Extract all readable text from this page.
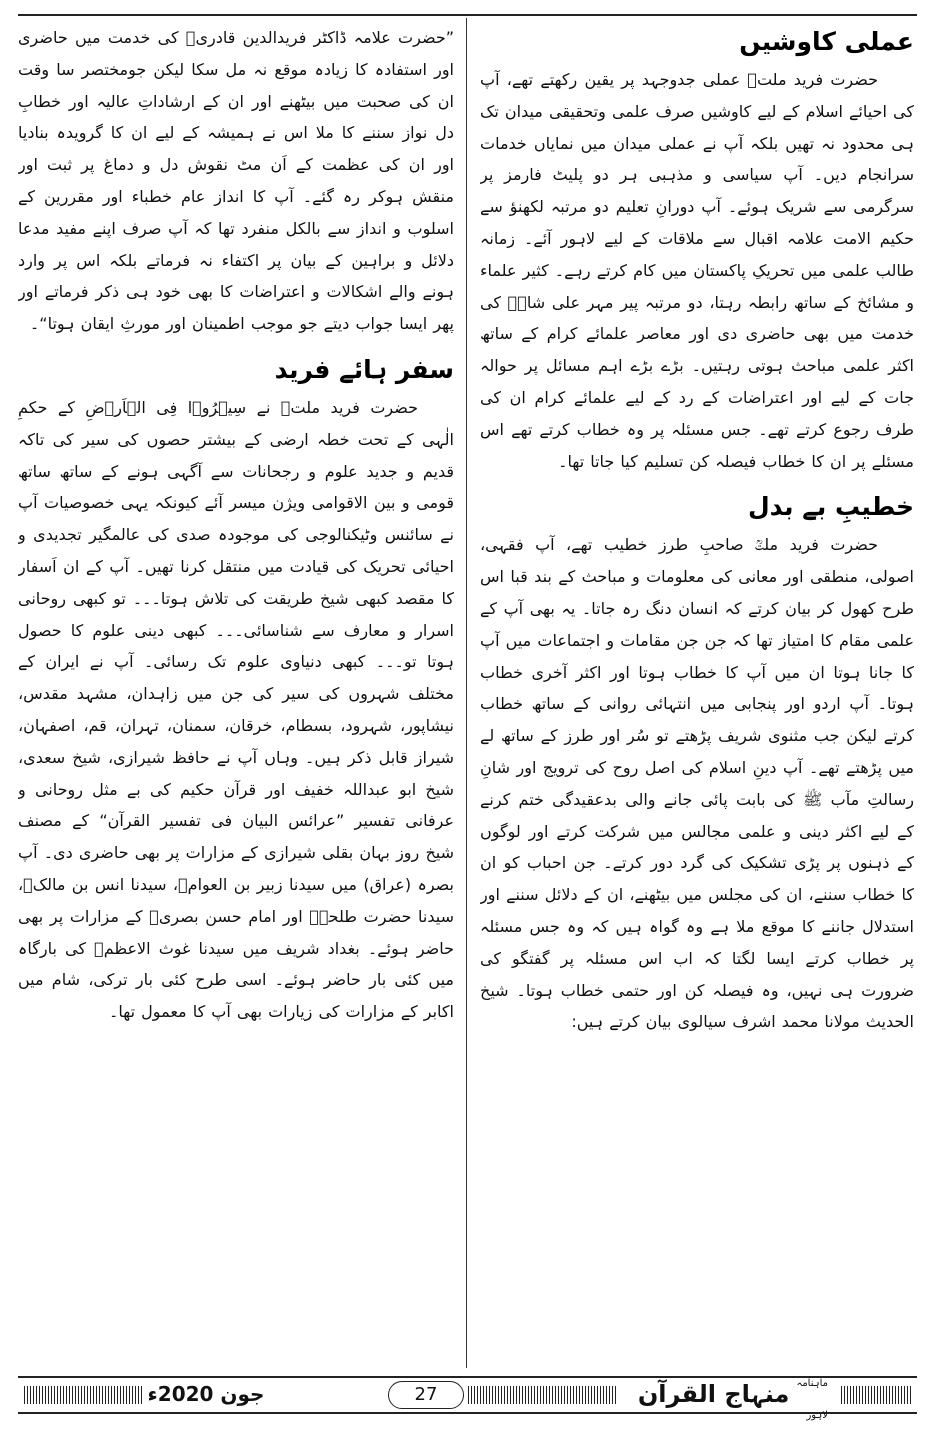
عملی کاوشیں

حضرت فرید ملتؒ عملی جدوجہد پر یقین رکھتے تھے، آپ کی احیائے اسلام کے لیے کاوشیں صرف علمی وتحقیقی میدان تک ہی محدود نہ تھیں بلکہ آپ نے عملی میدان میں نمایاں خدمات سرانجام دیں۔ آپ سیاسی و مذہبی ہر دو پلیٹ فارمز پر سرگرمی سے شریک ہوئے۔ آپ دورانِ تعلیم دو مرتبہ لکھنؤ سے حکیم الامت علامہ اقبال سے ملاقات کے لیے لاہور آئے۔ زمانہ طالب علمی میں تحریکِ پاکستان میں کام کرتے رہے۔ کثیر علماء و مشائخ کے ساتھ رابطہ رہتا، دو مرتبہ پیر مہر علی شاہؒ کی خدمت میں بھی حاضری دی اور معاصر علمائے کرام کے ساتھ اکثر علمی مباحث ہوتی رہتیں۔ بڑے بڑے اہم مسائل پر حوالہ جات کے لیے اور اعتراضات کے رد کے لیے علمائے کرام ان کی طرف رجوع کرتے تھے۔ جس مسئلہ پر وہ خطاب کرتے تھے اس مسئلے پر ان کا خطاب فیصلہ کن تسلیم کیا جاتا تھا۔

خطیبِ بے بدل

حضرت فرید ملتؒ صاحبِ طرز خطیب تھے، آپ فقہی، اصولی، منطقی اور معانی کی معلومات و مباحث کے بند قبا اس طرح کھول کر بیان کرتے کہ انسان دنگ رہ جاتا۔ یہ بھی آپ کے علمی مقام کا امتیاز تھا کہ جن جن مقامات و اجتماعات میں آپ کا جانا ہوتا ان میں آپ کا خطاب ہوتا اور اکثر آخری خطاب ہوتا۔ آپ اردو اور پنجابی میں انتہائی روانی کے ساتھ خطاب کرتے لیکن جب مثنوی شریف پڑھتے تو سُر اور طرز کے ساتھ لے میں پڑھتے تھے۔ آپ دینِ اسلام کی اصل روح کی ترویج اور شانِ رسالتِ مآب ﷺ کی بابت پائی جانے والی بدعقیدگی ختم کرنے کے لیے اکثر دینی و علمی مجالس میں شرکت کرتے اور لوگوں کے ذہنوں پر پڑی تشکیک کی گرد دور کرتے۔ جن احباب کو ان کا خطاب سننے، ان کی مجلس میں بیٹھنے، ان کے دلائل سننے اور استدلال جاننے کا موقع ملا ہے وہ گواہ ہیں کہ وہ جس مسئلہ پر خطاب کرتے ایسا لگتا کہ اب اس مسئلہ پر گفتگو کی ضرورت ہی نہیں، وہ فیصلہ کن اور حتمی خطاب ہوتا۔ شیخ الحدیث مولانا محمد اشرف سیالوی بیان کرتے ہیں:

”حضرت علامہ ڈاکٹر فریدالدین قادریؒ کی خدمت میں حاضری اور استفادہ کا زیادہ موقع نہ مل سکا لیکن جومختصر سا وقت ان کی صحبت میں بیٹھنے اور ان کے ارشاداتِ عالیہ اور خطابِ دل نواز سننے کا ملا اس نے ہمیشہ کے لیے ان کا گرویدہ بنادیا اور ان کی عظمت کے اَن مٹ نقوش دل و دماغ پر ثبت اور منقش ہوکر رہ گئے۔ آپ کا انداز عام خطباء اور مقررین کے اسلوب و انداز سے بالکل منفرد تھا کہ آپ صرف اپنے مفید مدعا دلائل و براہین کے بیان پر اکتفاء نہ فرماتے بلکہ اس پر وارد ہونے والے اشکالات و اعتراضات کا بھی خود ہی ذکر فرماتے اور پھر ایسا جواب دیتے جو موجب اطمینان اور مورثِ ایقان ہوتا“۔

سفر ہائے فرید

حضرت فرید ملتؒ نے سِیۡرُوۡا فِی الۡاَرۡضِ کے حکمِ الٰہی کے تحت خطہ ارضی کے بیشتر حصوں کی سیر کی تاکہ قدیم و جدید علوم و رجحانات سے آگہی ہونے کے ساتھ ساتھ قومی و بین الاقوامی ویژن میسر آئے کیونکہ یہی خصوصیات آپ نے سائنس وٹیکنالوجی کی موجودہ صدی کی عالمگیر تجدیدی و احیائی تحریک کی قیادت میں منتقل کرنا تھیں۔ آپ کے ان اَسفار کا مقصد کبھی شیخ طریقت کی تلاش ہوتا۔۔۔ تو کبھی روحانی اسرار و معارف سے شناسائی۔۔۔ کبھی دینی علوم کا حصول ہوتا تو۔۔۔ کبھی دنیاوی علوم تک رسائی۔ آپ نے ایران کے مختلف شہروں کی سیر کی جن میں زاہدان، مشہد مقدس، نیشاپور، شہرود، بسطام، خرقان، سمنان، تہران، قم، اصفہان، شیراز قابل ذکر ہیں۔ وہاں آپ نے حافظ شیرازی، شیخ سعدی، شیخ ابو عبداللہ خفیف اور قرآن حکیم کی بے مثل روحانی و عرفانی تفسیر ”عرائس البیان فی تفسیر القرآن“ کے مصنف شیخ روز بہان بقلی شیرازی کے مزارات پر بھی حاضری دی۔ آپ بصرہ (عراق) میں سیدنا زبیر بن العوامؓ، سیدنا انس بن مالکؓ، سیدنا حضرت طلحہؓ اور امام حسن بصریؒ کے مزارات پر بھی حاضر ہوئے۔ بغداد شریف میں سیدنا غوث الاعظمؒ کی بارگاہ میں کئی بار حاضر ہوئے۔ اسی طرح کئی بار ترکی، شام میں اکابر کے مزارات کی زیارات بھی آپ کا معمول تھا۔

جون 2020ء	27
$^{ماہنامہ}$ منہاج القرآن $^{لاہور}$
